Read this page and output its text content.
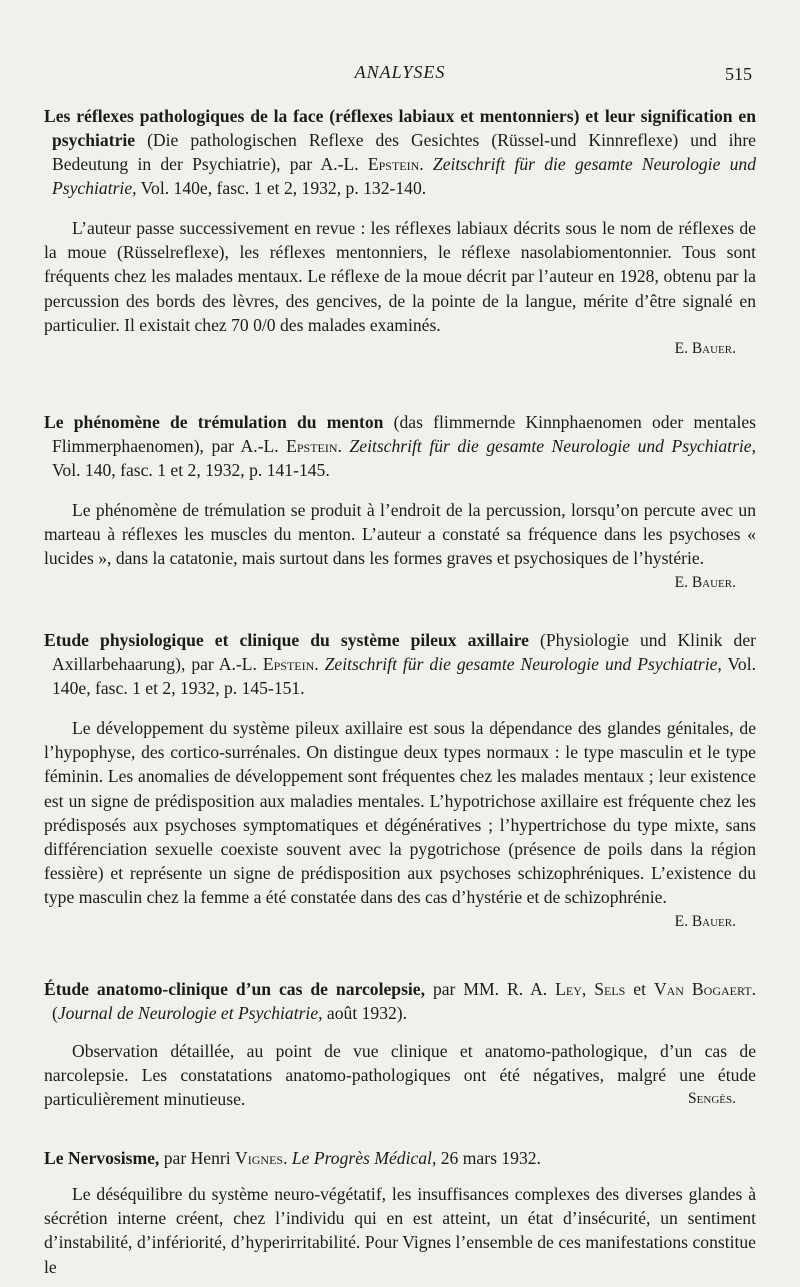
ANALYSES	515

Les réflexes pathologiques de la face (réflexes labiaux et mentonniers) et leur signification en psychiatrie (Die pathologischen Reflexe des Gesichtes (Rüssel-und Kinnreflexe) und ihre Bedeutung in der Psychiatrie), par A.-L. Epstein. Zeitschrift für die gesamte Neurologie und Psychiatrie, Vol. 140e, fasc. 1 et 2, 1932, p. 132-140.

L’auteur passe successivement en revue : les réflexes labiaux décrits sous le nom de réflexes de la moue (Rüsselreflexe), les réflexes mentonniers, le réflexe nasolabiomentonnier. Tous sont fréquents chez les malades mentaux. Le réflexe de la moue décrit par l’auteur en 1928, obtenu par la percussion des bords des lèvres, des gencives, de la pointe de la langue, mérite d’être signalé en particulier. Il existait chez 70 0/0 des malades examinés.

E. Bauer.

Le phénomène de trémulation du menton (das flimmernde Kinnphaenomen oder mentales Flimmerphaenomen), par A.-L. Epstein. Zeitschrift für die gesamte Neurologie und Psychiatrie, Vol. 140, fasc. 1 et 2, 1932, p. 141-145.

Le phénomène de trémulation se produit à l’endroit de la percussion, lorsqu’on percute avec un marteau à réflexes les muscles du menton. L’auteur a constaté sa fréquence dans les psychoses « lucides », dans la catatonie, mais surtout dans les formes graves et psychosiques de l’hystérie.

E. Bauer.

Etude physiologique et clinique du système pileux axillaire (Physiologie und Klinik der Axillarbehaarung), par A.-L. Epstein. Zeitschrift für die gesamte Neurologie und Psychiatrie, Vol. 140e, fasc. 1 et 2, 1932, p. 145-151.

Le développement du système pileux axillaire est sous la dépendance des glandes génitales, de l’hypophyse, des cortico-surrénales. On distingue deux types normaux : le type masculin et le type féminin. Les anomalies de développement sont fréquentes chez les malades mentaux ; leur existence est un signe de prédisposition aux maladies mentales. L’hypotrichose axillaire est fréquente chez les prédisposés aux psychoses symptomatiques et dégénératives ; l’hypertrichose du type mixte, sans différenciation sexuelle coexiste souvent avec la pygotrichose (présence de poils dans la région fessière) et représente un signe de prédisposition aux psychoses schizophréniques. L’existence du type masculin chez la femme a été constatée dans des cas d’hystérie et de schizophrénie.
E. Bauer.

Étude anatomo-clinique d’un cas de narcolepsie, par MM. R. A. Ley, Sels et Van Bogaert. (Journal de Neurologie et Psychiatrie, août 1932).

Observation détaillée, au point de vue clinique et anatomo-pathologique, d’un cas de narcolepsie. Les constatations anatomo-pathologiques ont été négatives, malgré une étude particulièrement minutieuse.	Sengès.

Le Nervosisme, par Henri Vignes. Le Progrès Médical, 26 mars 1932.

Le déséquilibre du système neuro-végétatif, les insuffisances complexes des diverses glandes à sécrétion interne créent, chez l’individu qui en est atteint, un état d’insécurité, un sentiment d’instabilité, d’infériorité, d’hyperirritabilité. Pour Vignes l’ensemble de ces manifestations constitue le
